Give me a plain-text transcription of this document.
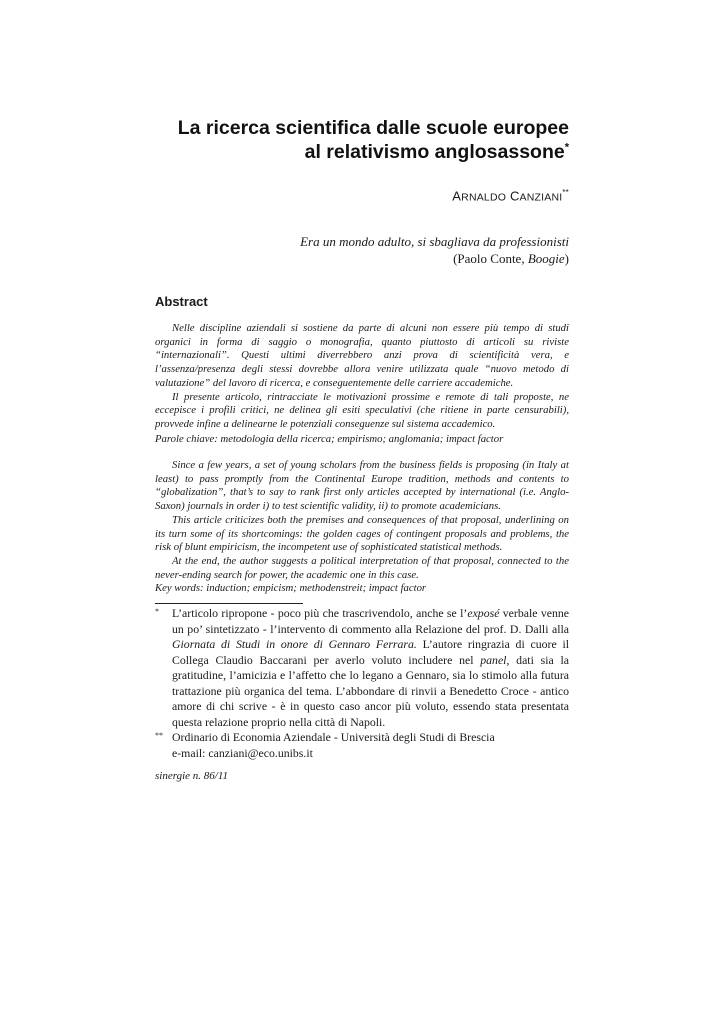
La ricerca scientifica dalle scuole europee
al relativismo anglosassone*
ARNALDO CANZIANI**
Era un mondo adulto, si sbagliava da professionisti
(Paolo Conte, Boogie)
Abstract

Nelle discipline aziendali si sostiene da parte di alcuni non essere più tempo di studi organici in forma di saggio o monografia, quanto piuttosto di articoli su riviste “internazionali”. Questi ultimi diverrebbero anzi prova di scientificità vera, e l’assenza/presenza degli stessi dovrebbe allora venire utilizzata quale “nuovo metodo di valutazione” del lavoro di ricerca, e conseguentemente delle carriere accademiche.

Il presente articolo, rintracciate le motivazioni prossime e remote di tali proposte, ne eccepisce i profili critici, ne delinea gli esiti speculativi (che ritiene in parte censurabili), provvede infine a delinearne le potenziali conseguenze sul sistema accademico.

Parole chiave: metodologia della ricerca; empirismo; anglomania; impact factor

Since a few years, a set of young scholars from the business fields is proposing (in Italy at least) to pass promptly from the Continental Europe tradition, methods and contents to “globalization”, that’s to say to rank first only articles accepted by international (i.e. Anglo-Saxon) journals in order i) to test scientific validity, ii) to promote academicians.

This article criticizes both the premises and consequences of that proposal, underlining on its turn some of its shortcomings: the golden cages of contingent proposals and problems, the risk of blunt empiricism, the incompetent use of sophisticated statistical methods.

At the end, the author suggests a political interpretation of that proposal, connected to the never-ending search for power, the academic one in this case.

Key words: induction; empicism; methodenstreit; impact factor

* L’articolo ripropone - poco più che trascrivendolo, anche se l’exposé verbale venne un po’ sintetizzato - l’intervento di commento alla Relazione del prof. D. Dalli alla Giornata di Studi in onore di Gennaro Ferrara. L’autore ringrazia di cuore il Collega Claudio Baccarani per averlo voluto includere nel panel, dati sia la gratitudine, l’amicizia e l’affetto che lo legano a Gennaro, sia lo stimolo alla futura trattazione più organica del tema. L’abbondare di rinvii a Benedetto Croce - antico amore di chi scrive - è in questo caso ancor più voluto, essendo stata presentata questa relazione proprio nella città di Napoli.
** Ordinario di Economia Aziendale - Università degli Studi di Brescia
e-mail: canziani@eco.unibs.it
sinergie n. 86/11
